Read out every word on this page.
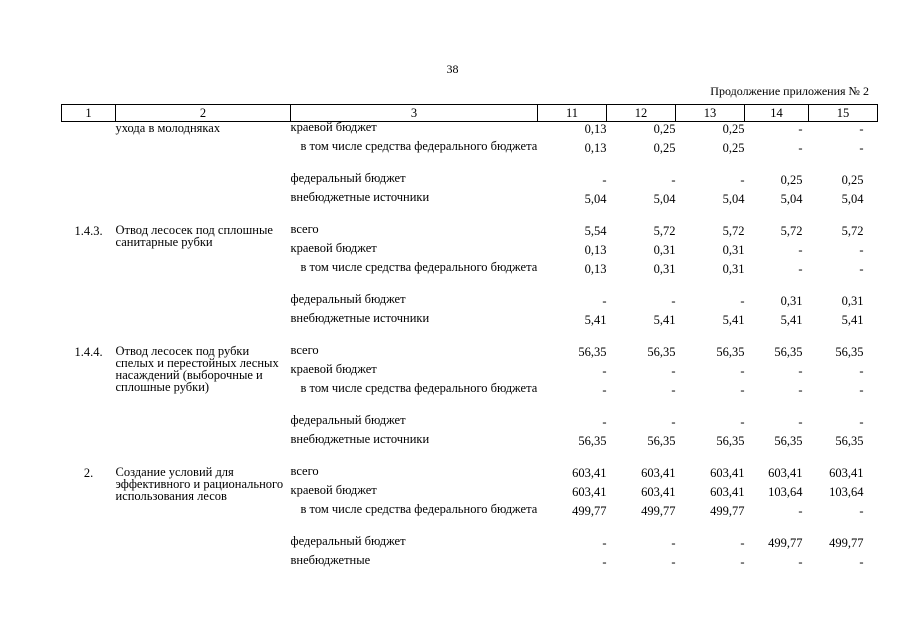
38
Продолжение приложения № 2
1	2	3	11	12	13	14	15
	ухода в молодняках	краевой бюджет	0,13	0,25	0,25	-	-
		в том числе средства федерального бюджета	0,13	0,25	0,25	-	-
		федеральный бюджет	-	-	-	0,25	0,25
		внебюджетные источники	5,04	5,04	5,04	5,04	5,04
1.4.3.	Отвод лесосек под сплошные санитарные рубки	всего	5,54	5,72	5,72	5,72	5,72
		краевой бюджет	0,13	0,31	0,31	-	-
		в том числе средства федерального бюджета	0,13	0,31	0,31	-	-
		федеральный бюджет	-	-	-	0,31	0,31
		внебюджетные источники	5,41	5,41	5,41	5,41	5,41
1.4.4.	Отвод лесосек под рубки спелых и перестойных лесных насаждений (выборочные и сплошные рубки)	всего	56,35	56,35	56,35	56,35	56,35
		краевой бюджет	-	-	-	-	-
		в том числе средства федерального бюджета	-	-	-	-	-
		федеральный бюджет	-	-	-	-	-
		внебюджетные источники	56,35	56,35	56,35	56,35	56,35
2.	Создание условий для эффективного и рационального использования лесов	всего	603,41	603,41	603,41	603,41	603,41
		краевой бюджет	603,41	603,41	603,41	103,64	103,64
		в том числе средства федерального бюджета	499,77	499,77	499,77	-	-
		федеральный бюджет	-	-	-	499,77	499,77
		внебюджетные	-	-	-	-	-
